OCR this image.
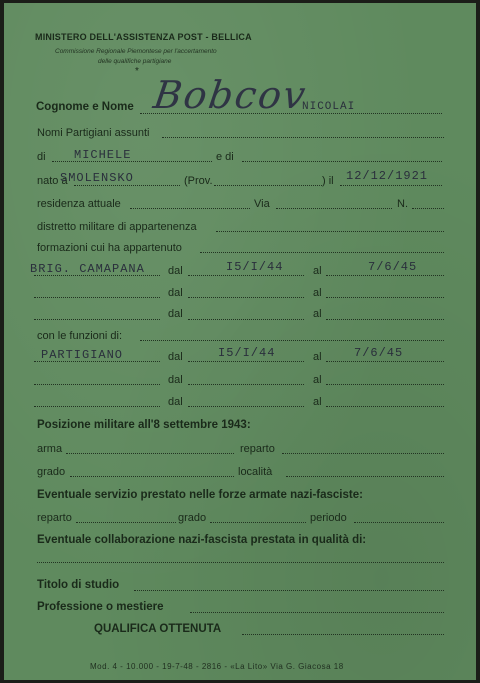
MINISTERO DELL'ASSISTENZA POST - BELLICA
Commissione Regionale Piemontese per l'accertamento
delle qualifiche partigiane
*
Cognome e Nome Bobcov
NICOLAI
Nomi Partigiani assunti
di MICHELE	e di
nato a
SMOLENSKO	(Prov.	) il 12/12/1921
residenza attuale	Via	N.
distretto militare di appartenenza
formazioni cui ha appartenuto
BRIG. CAMAPANA dal	I5/I/44	al	7/6/45
dal	al
dal	al
con le funzioni di:
PARTIGIANO	dal	I5/I/44	al	7/6/45
dal	al
dal	al
Posizione militare all'8 settembre 1943:
arma	reparto
grado	località
Eventuale servizio prestato nelle forze armate nazi-fasciste:
reparto	grado	periodo
Eventuale collaborazione nazi-fascista prestata in qualità di:
Titolo di studio
Professione o mestiere
QUALIFICA OTTENUTA
Mod. 4 - 10.000 - 19-7-48 - 2816 - «La Lito» Via G. Giacosa 18
